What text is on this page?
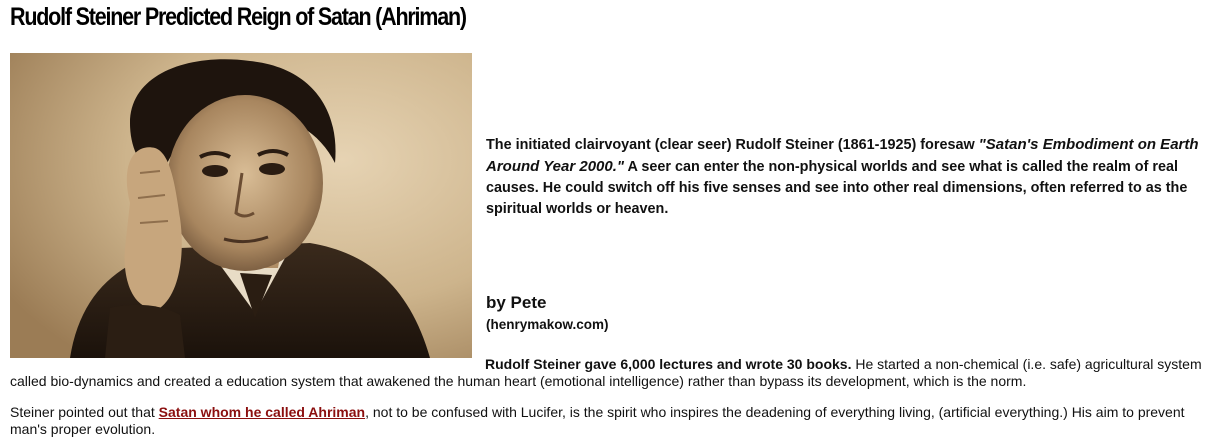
Rudolf Steiner Predicted Reign of Satan (Ahriman)

The initiated clairvoyant (clear seer) Rudolf Steiner (1861-1925) foresaw "Satan's Embodiment on Earth Around Year 2000." A seer can enter the non-physical worlds and see what is called the realm of real causes. He could switch off his five senses and see into other real dimensions, often referred to as the spiritual worlds or heaven.

by Pete
(henrymakow.com)

Rudolf Steiner gave 6,000 lectures and wrote 30 books. He started a non-chemical (i.e. safe) agricultural system called bio-dynamics and created a education system that awakened the human heart (emotional intelligence) rather than bypass its development, which is the norm.

Steiner pointed out that Satan whom he called Ahriman, not to be confused with Lucifer, is the spirit who inspires the deadening of everything living, (artificial everything.) His aim to prevent man's proper evolution.
